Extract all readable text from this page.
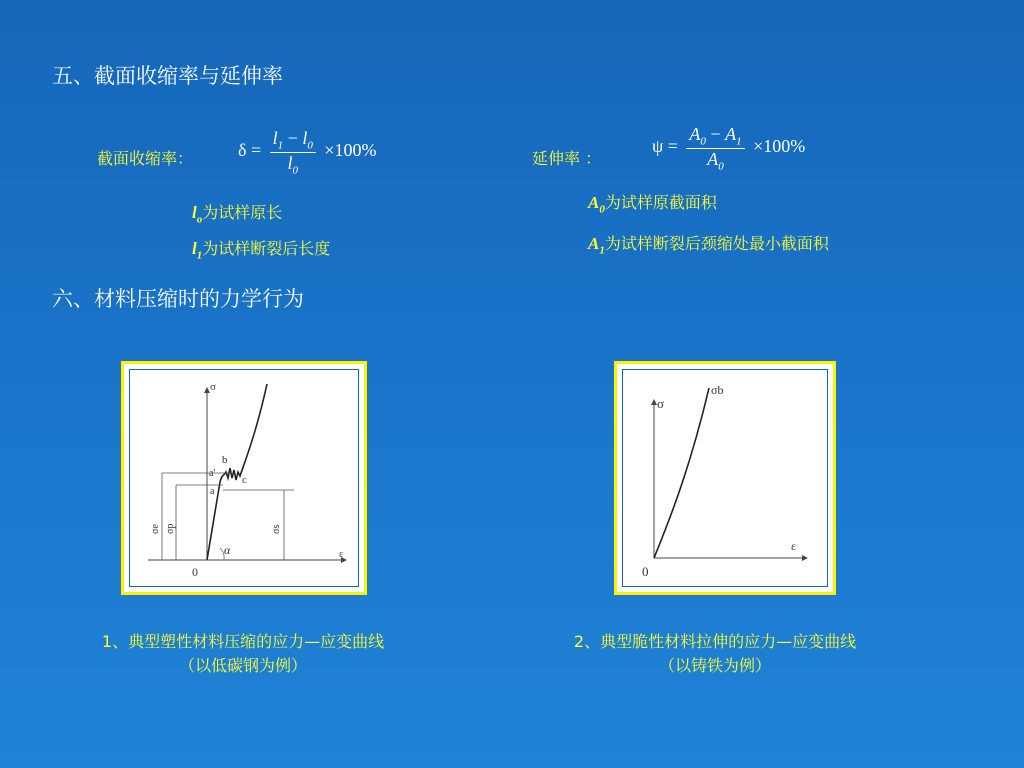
五、截面收缩率与延伸率
截面收缩率： $\delta = \frac{l_1 - l_0}{l_0} \times 100\%$
$l_o$为试样原长
$l_1$为试样断裂后长度
延伸率 ：
$\psi = \frac{A_0 - A_1}{A_0} \times 100\%$
$A_0$为试样原截面积
$A_1$为试样断裂后颈缩处最小截面积
六、材料压缩时的力学行为
σ
ε
0
α
b
a'
a
c
σe σp	σs
1、典型塑性材料压缩的应力—应变曲线
（以低碳钢为例）
σ
σb
ε
0
2、典型脆性材料拉伸的应力—应变曲线
（以铸铁为例）
